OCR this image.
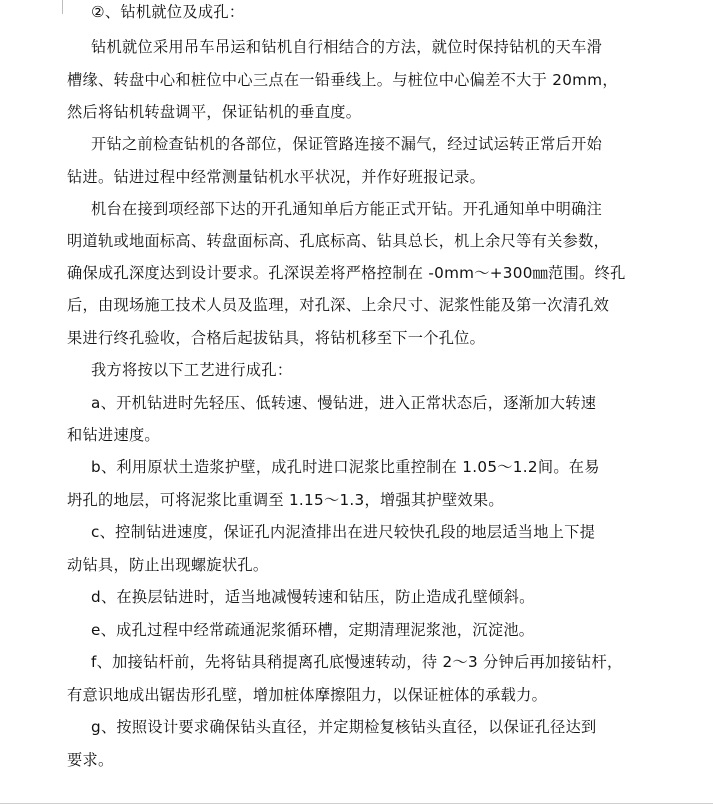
②、钻机就位及成孔：
钻机就位采用吊车吊运和钻机自行相结合的方法，就位时保持钻机的天车滑
槽缘、转盘中心和桩位中心三点在一铅垂线上。与桩位中心偏差不大于 20mm，
然后将钻机转盘调平，保证钻机的垂直度。
开钻之前检查钻机的各部位，保证管路连接不漏气，经过试运转正常后开始
钻进。钻进过程中经常测量钻机水平状况，并作好班报记录。
机台在接到项经部下达的开孔通知单后方能正式开钻。开孔通知单中明确注
明道轨或地面标高、转盘面标高、孔底标高、钻具总长，机上余尺等有关参数，
确保成孔深度达到设计要求。孔深误差将严格控制在 -0mm～+300㎜范围。终孔
后，由现场施工技术人员及监理，对孔深、上余尺寸、泥浆性能及第一次清孔效
果进行终孔验收，合格后起拔钻具，将钻机移至下一个孔位。
我方将按以下工艺进行成孔：
a、开机钻进时先轻压、低转速、慢钻进，进入正常状态后，逐渐加大转速
和钻进速度。
b、利用原状土造浆护壁，成孔时进口泥浆比重控制在 1.05～1.2间。在易
坍孔的地层，可将泥浆比重调至 1.15～1.3，增强其护壁效果。
c、控制钻进速度，保证孔内泥渣排出在进尺较快孔段的地层适当地上下提
动钻具，防止出现螺旋状孔。
d、在换层钻进时，适当地减慢转速和钻压，防止造成孔壁倾斜。
e、成孔过程中经常疏通泥浆循环槽，定期清理泥浆池，沉淀池。
f、加接钻杆前，先将钻具稍提离孔底慢速转动，待 2～3 分钟后再加接钻杆，
有意识地成出锯齿形孔壁，增加桩体摩擦阻力，以保证桩体的承载力。
g、按照设计要求确保钻头直径，并定期检复核钻头直径，以保证孔径达到
要求。
